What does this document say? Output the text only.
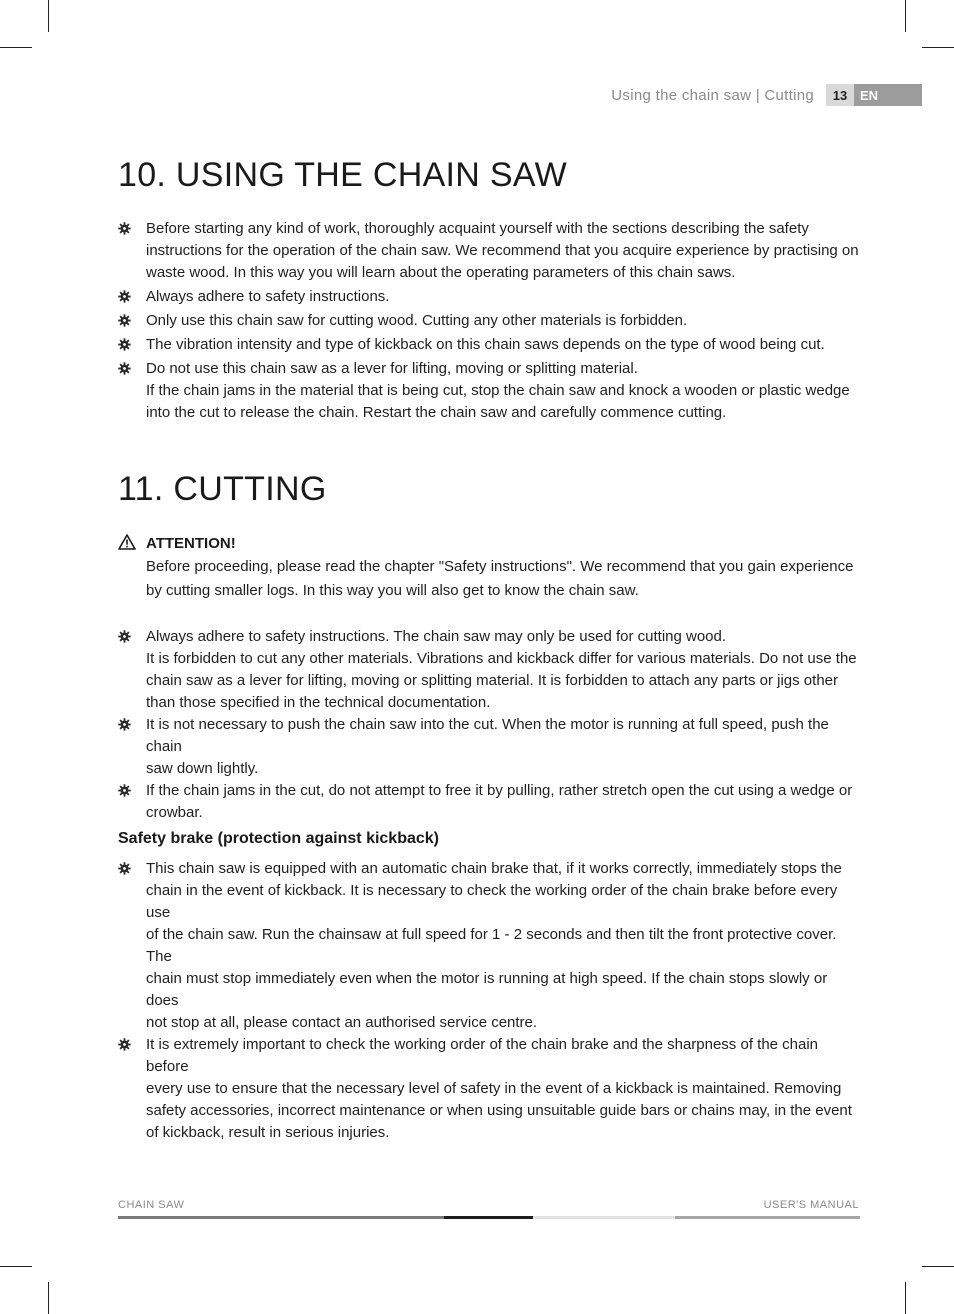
Using the chain saw | Cutting	13 EN
10. USING THE CHAIN SAW
Before starting any kind of work, thoroughly acquaint yourself with the sections describing the safety
instructions for the operation of the chain saw. We recommend that you acquire experience by practising on
waste wood. In this way you will learn about the operating parameters of this chain saws.
Always adhere to safety instructions.
Only use this chain saw for cutting wood. Cutting any other materials is forbidden.
The vibration intensity and type of kickback on this chain saws depends on the type of wood being cut.
Do not use this chain saw as a lever for lifting, moving or splitting material.
If the chain jams in the material that is being cut, stop the chain saw and knock a wooden or plastic wedge
into the cut to release the chain. Restart the chain saw and carefully commence cutting.
11. CUTTING
ATTENTION!
Before proceeding, please read the chapter "Safety instructions". We recommend that you gain experience by cutting smaller logs. In this way you will also get to know the chain saw.
Always adhere to safety instructions. The chain saw may only be used for cutting wood.
It is forbidden to cut any other materials. Vibrations and kickback differ for various materials. Do not use the
chain saw as a lever for lifting, moving or splitting material. It is forbidden to attach any parts or jigs other
than those specified in the technical documentation.
It is not necessary to push the chain saw into the cut. When the motor is running at full speed, push the chain
saw down lightly.
If the chain jams in the cut, do not attempt to free it by pulling, rather stretch open the cut using a wedge or
crowbar.
Safety brake (protection against kickback)
This chain saw is equipped with an automatic chain brake that, if it works correctly, immediately stops the
chain in the event of kickback. It is necessary to check the working order of the chain brake before every use
of the chain saw. Run the chainsaw at full speed for 1 - 2 seconds and then tilt the front protective cover. The
chain must stop immediately even when the motor is running at high speed. If the chain stops slowly or does
not stop at all, please contact an authorised service centre.
It is extremely important to check the working order of the chain brake and the sharpness of the chain before
every use to ensure that the necessary level of safety in the event of a kickback is maintained. Removing
safety accessories, incorrect maintenance or when using unsuitable guide bars or chains may, in the event
of kickback, result in serious injuries.
CHAIN SAW	USER'S MANUAL
